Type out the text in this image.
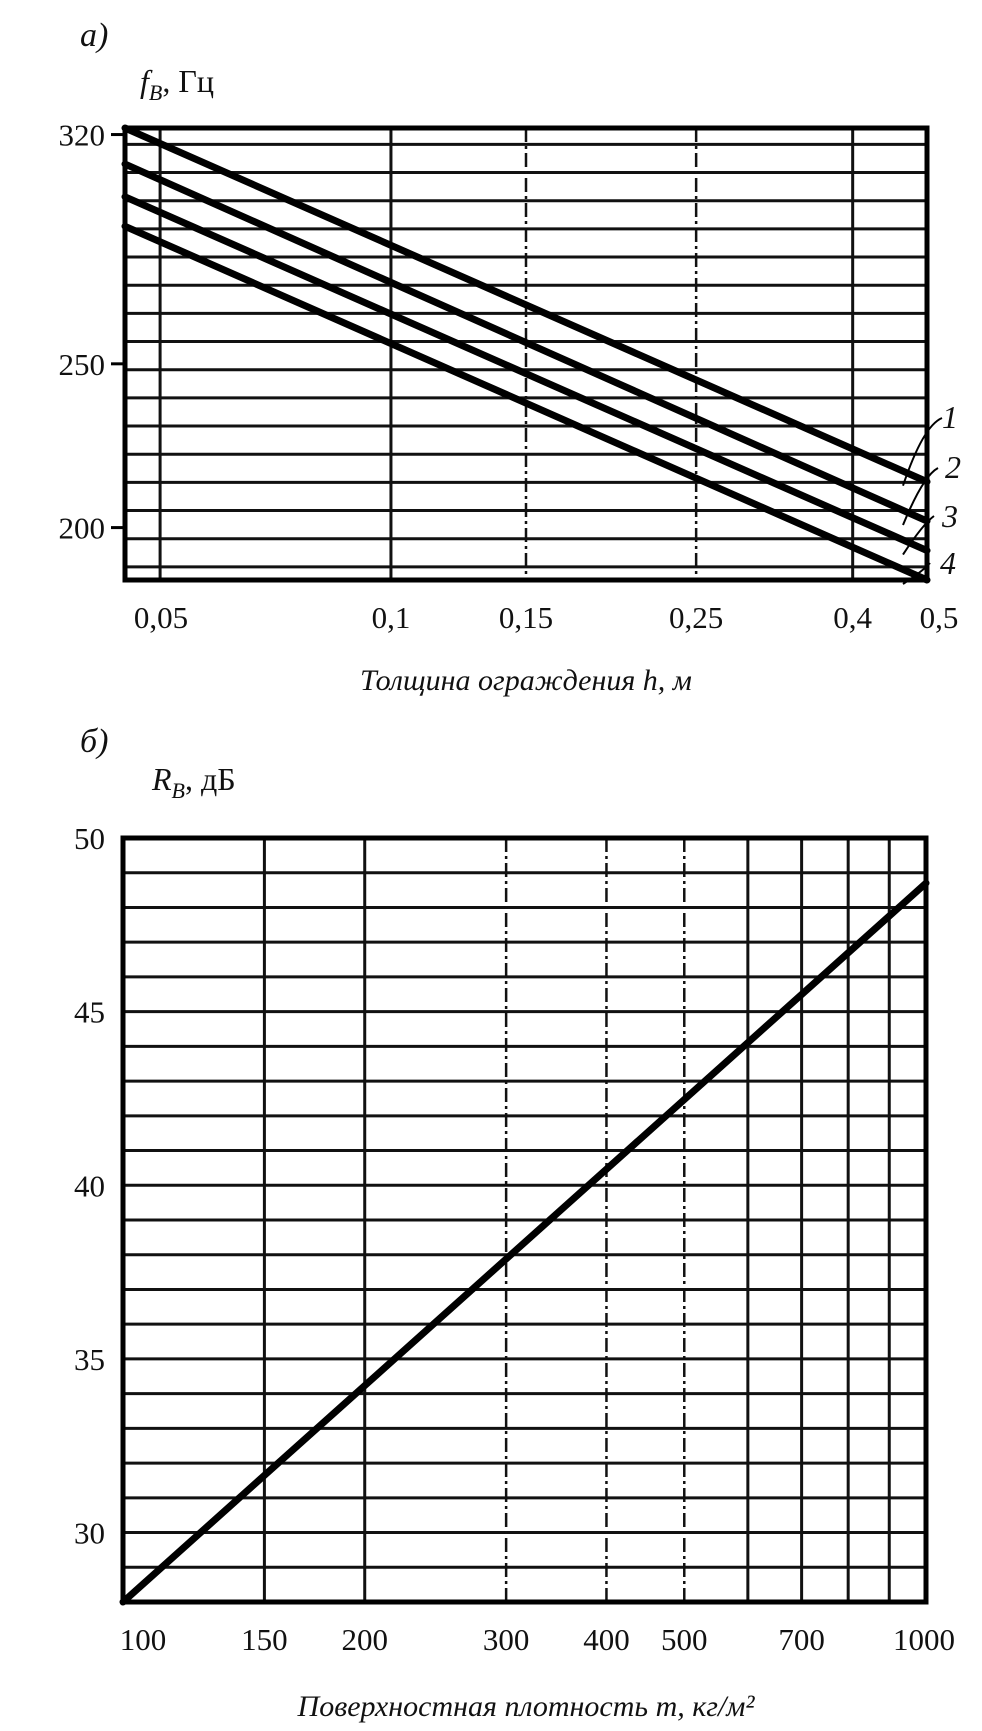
а)
$f_B$, Гц
320
250
200
0,05	0,1	0,15	0,25	0,4 0,5
1
2
3
4
Толщина ограждения h, м
б)
$R_B$, дБ
50
45
40
35
30
100 150 200	300 400 500 700 1000
Поверхностная плотность m, кг/м²
